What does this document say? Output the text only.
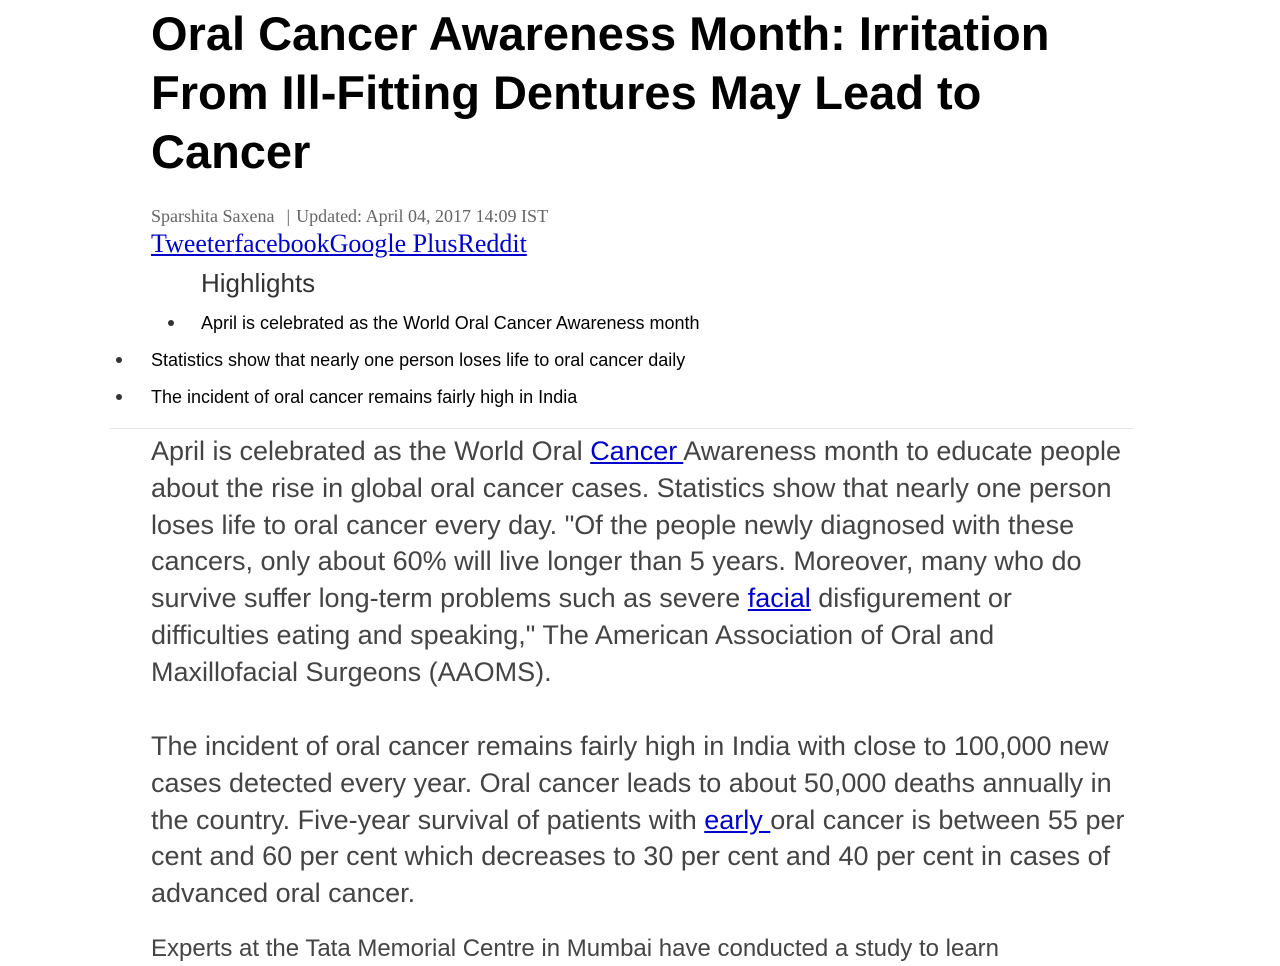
Oral Cancer Awareness Month: Irritation From Ill-Fitting Dentures May Lead to Cancer
Sparshita Saxena | Updated: April 04, 2017 14:09 IST
TweeterfacebookGoogle PlusReddit
Highlights
April is celebrated as the World Oral Cancer Awareness month
Statistics show that nearly one person loses life to oral cancer daily
The incident of oral cancer remains fairly high in India

April is celebrated as the World Oral Cancer Awareness month to educate people about the rise in global oral cancer cases. Statistics show that nearly one person loses life to oral cancer every day. "Of the people newly diagnosed with these cancers, only about 60% will live longer than 5 years. Moreover, many who do survive suffer long-term problems such as severe facial disfigurement or difficulties eating and speaking," The American Association of Oral and Maxillofacial Surgeons (AAOMS).

The incident of oral cancer remains fairly high in India with close to 100,000 new cases detected every year. Oral cancer leads to about 50,000 deaths annually in the country. Five-year survival of patients with early oral cancer is between 55 per cent and 60 per cent which decreases to 30 per cent and 40 per cent in cases of advanced oral cancer.

Experts at the Tata Memorial Centre in Mumbai have conducted a study to learn
